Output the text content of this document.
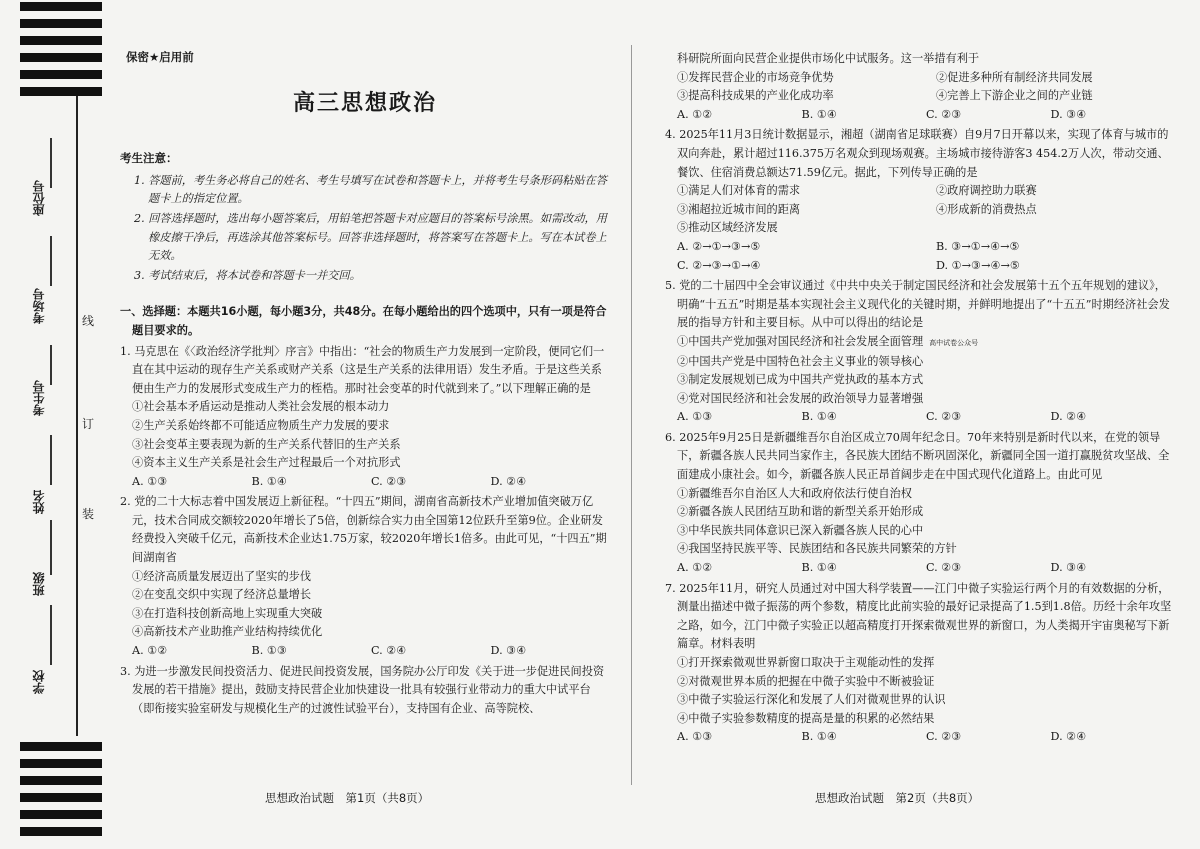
座位号
考场号
考生号
姓名
班级
学校
线
订
装
保密★启用前
高三思想政治
考生注意：
1. 答题前，考生务必将自己的姓名、考生号填写在试卷和答题卡上，并将考生号条形码粘贴在答题卡上的指定位置。
2. 回答选择题时，选出每小题答案后，用铅笔把答题卡对应题目的答案标号涂黑。如需改动，用橡皮擦干净后，再选涂其他答案标号。回答非选择题时，将答案写在答题卡上。写在本试卷上无效。
3. 考试结束后，将本试卷和答题卡一并交回。
一、选择题：本题共16小题，每小题3分，共48分。在每小题给出的四个选项中，只有一项是符合题目要求的。
1. 马克思在《〈政治经济学批判〉序言》中指出：“社会的物质生产力发展到一定阶段，便同它们一直在其中运动的现存生产关系或财产关系（这是生产关系的法律用语）发生矛盾。于是这些关系便由生产力的发展形式变成生产力的桎梏。那时社会变革的时代就到来了。”以下理解正确的是
①社会基本矛盾运动是推动人类社会发展的根本动力
②生产关系始终都不可能适应物质生产力发展的要求
③社会变革主要表现为新的生产关系代替旧的生产关系
④资本主义生产关系是社会生产过程最后一个对抗形式
A. ①③	B. ①④	C. ②③	D. ②④
2. 党的二十大标志着中国发展迈上新征程。“十四五”期间，湖南省高新技术产业增加值突破万亿元，技术合同成交额较2020年增长了5倍，创新综合实力由全国第12位跃升至第9位。企业研发经费投入突破千亿元，高新技术企业达1.75万家，较2020年增长1倍多。由此可见，“十四五”期间湖南省
①经济高质量发展迈出了坚实的步伐
②在变乱交织中实现了经济总量增长
③在打造科技创新高地上实现重大突破
④高新技术产业助推产业结构持续优化
A. ①②	B. ①③	C. ②④	D. ③④
3. 为进一步激发民间投资活力、促进民间投资发展，国务院办公厅印发《关于进一步促进民间投资发展的若干措施》提出，鼓励支持民营企业加快建设一批具有较强行业带动力的重大中试平台（即衔接实验室研发与规模化生产的过渡性试验平台），支持国有企业、高等院校、
科研院所面向民营企业提供市场化中试服务。这一举措有利于
①发挥民营企业的市场竞争优势	②促进多种所有制经济共同发展
③提高科技成果的产业化成功率	④完善上下游企业之间的产业链
A. ①②	B. ①④	C. ②③	D. ③④
4. 2025年11月3日统计数据显示，湘超（湖南省足球联赛）自9月7日开幕以来，实现了体育与城市的双向奔赴，累计超过116.375万名观众到现场观赛。主场城市接待游客3 454.2万人次，带动交通、餐饮、住宿消费总额达71.59亿元。据此，下列传导正确的是
①满足人们对体育的需求	②政府调控助力联赛
③湘超拉近城市间的距离	④形成新的消费热点
⑤推动区域经济发展
A. ②→①→③→⑤	B. ③→①→④→⑤
C. ②→③→①→④	D. ①→③→④→⑤
5. 党的二十届四中全会审议通过《中共中央关于制定国民经济和社会发展第十五个五年规划的建议》，明确“十五五”时期是基本实现社会主义现代化的关键时期，并鲜明地提出了“十五五”时期经济社会发展的指导方针和主要目标。从中可以得出的结论是
①中国共产党加强对国民经济和社会发展全面管理 高中试卷公众号
②中国共产党是中国特色社会主义事业的领导核心
③制定发展规划已成为中国共产党执政的基本方式
④党对国民经济和社会发展的政治领导力显著增强
A. ①③	B. ①④	C. ②③	D. ②④
6. 2025年9月25日是新疆维吾尔自治区成立70周年纪念日。70年来特别是新时代以来，在党的领导下，新疆各族人民共同当家作主，各民族大团结不断巩固深化，新疆同全国一道打赢脱贫攻坚战、全面建成小康社会。如今，新疆各族人民正昂首阔步走在中国式现代化道路上。由此可见
①新疆维吾尔自治区人大和政府依法行使自治权
②新疆各族人民团结互助和谐的新型关系开始形成
③中华民族共同体意识已深入新疆各族人民的心中
④我国坚持民族平等、民族团结和各民族共同繁荣的方针
A. ①②	B. ①④	C. ②③	D. ③④
7. 2025年11月，研究人员通过对中国大科学装置——江门中微子实验运行两个月的有效数据的分析，测量出描述中微子振荡的两个参数，精度比此前实验的最好记录提高了1.5到1.8倍。历经十余年攻坚之路，如今，江门中微子实验正以超高精度打开探索微观世界的新窗口，为人类揭开宇宙奥秘写下新篇章。材料表明
①打开探索微观世界新窗口取决于主观能动性的发挥
②对微观世界本质的把握在中微子实验中不断被验证
③中微子实验运行深化和发展了人们对微观世界的认识
④中微子实验参数精度的提高是量的积累的必然结果
A. ①③	B. ①④	C. ②③	D. ②④
思想政治试题　第1页（共8页）	思想政治试题　第2页（共8页）
